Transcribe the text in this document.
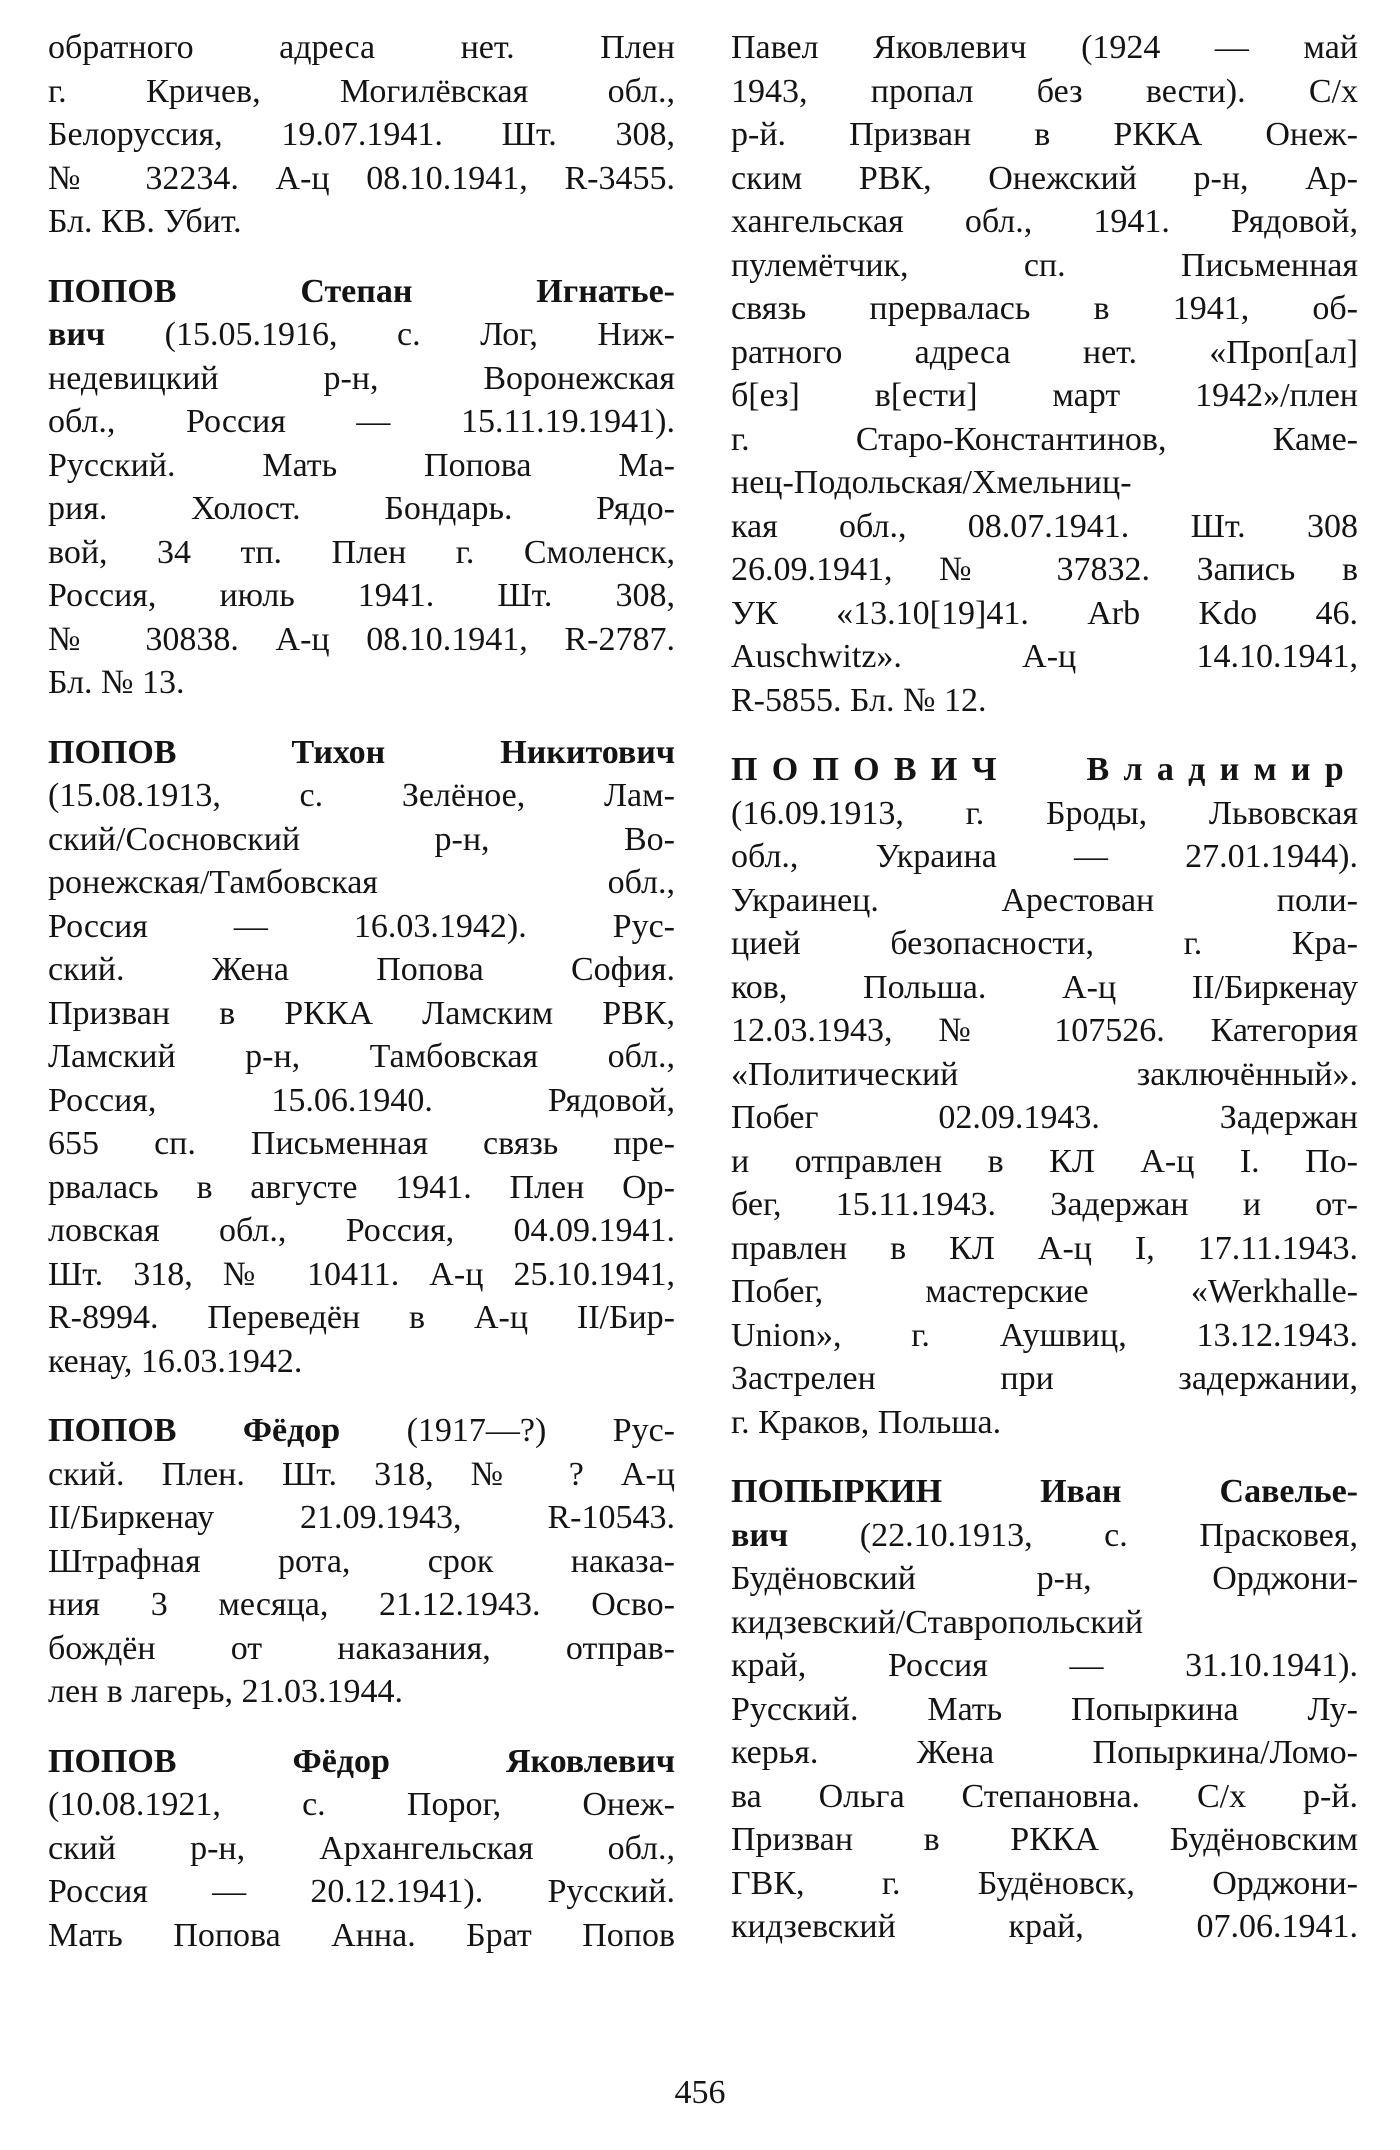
обратного адреса нет. Плен
г. Кричев, Могилёвская обл.,
Белоруссия, 19.07.1941. Шт. 308,
№ 32234. А-ц 08.10.1941, R-3455.
Бл. КВ. Убит.
ПОПОВ Степан Игнатье-
вич (15.05.1916, с. Лог, Ниж-
недевицкий р-н, Воронежская
обл., Россия — 15.11.19.1941).
Русский. Мать Попова Ма-
рия. Холост. Бондарь. Рядо-
вой, 34 тп. Плен г. Смоленск,
Россия, июль 1941. Шт. 308,
№ 30838. А-ц 08.10.1941, R-2787.
Бл. № 13.
ПОПОВ Тихон Никитович
(15.08.1913, с. Зелёное, Лам-
ский/Сосновский р-н, Во-
ронежская/Тамбовская обл.,
Россия — 16.03.1942). Рус-
ский. Жена Попова София.
Призван в РККА Ламским РВК,
Ламский р-н, Тамбовская обл.,
Россия, 15.06.1940. Рядовой,
655 сп. Письменная связь пре-
рвалась в августе 1941. Плен Ор-
ловская обл., Россия, 04.09.1941.
Шт. 318, № 10411. А-ц 25.10.1941,
R-8994. Переведён в А-ц II/Бир-
кенау, 16.03.1942.
ПОПОВ Фёдор (1917—?) Рус-
ский. Плен. Шт. 318, № ? А-ц
II/Биркенау 21.09.1943, R-10543.
Штрафная рота, срок наказа-
ния 3 месяца, 21.12.1943. Осво-
бождён от наказания, отправ-
лен в лагерь, 21.03.1944.
ПОПОВ Фёдор Яковлевич
(10.08.1921, с. Порог, Онеж-
ский р-н, Архангельская обл.,
Россия — 20.12.1941). Русский.
Мать Попова Анна. Брат Попов
Павел Яковлевич (1924 — май
1943, пропал без вести). С/х
р-й. Призван в РККА Онеж-
ским РВК, Онежский р-н, Ар-
хангельская обл., 1941. Рядовой,
пулемётчик, сп. Письменная
связь прервалась в 1941, об-
ратного адреса нет. «Проп[ал]
б[ез] в[ести] март 1942»/плен
г. Старо-Константинов, Каме-
нец-Подольская/Хмельниц-
кая обл., 08.07.1941. Шт. 308
26.09.1941, № 37832. Запись в
УК «13.10[19]41. Arb Kdo 46.
Auschwitz». А-ц 14.10.1941,
R-5855. Бл. № 12.
ПОПОВИЧ Владимир
(16.09.1913, г. Броды, Львовская
обл., Украина — 27.01.1944).
Украинец. Арестован поли-
цией безопасности, г. Кра-
ков, Польша. А-ц II/Биркенау
12.03.1943, № 107526. Категория
«Политический заключённый».
Побег 02.09.1943. Задержан
и отправлен в КЛ А-ц I. По-
бег, 15.11.1943. Задержан и от-
правлен в КЛ А-ц I, 17.11.1943.
Побег, мастерские «Werkhalle-
Union», г. Аушвиц, 13.12.1943.
Застрелен при задержании,
г. Краков, Польша.
ПОПЫРКИН Иван Савелье-
вич (22.10.1913, с. Прасковея,
Будёновский р-н, Орджони-
кидзевский/Ставропольский
край, Россия — 31.10.1941).
Русский. Мать Попыркина Лу-
керья. Жена Попыркина/Ломо-
ва Ольга Степановна. С/х р-й.
Призван в РККА Будёновским
ГВК, г. Будёновск, Орджони-
кидзевский край, 07.06.1941.
456
